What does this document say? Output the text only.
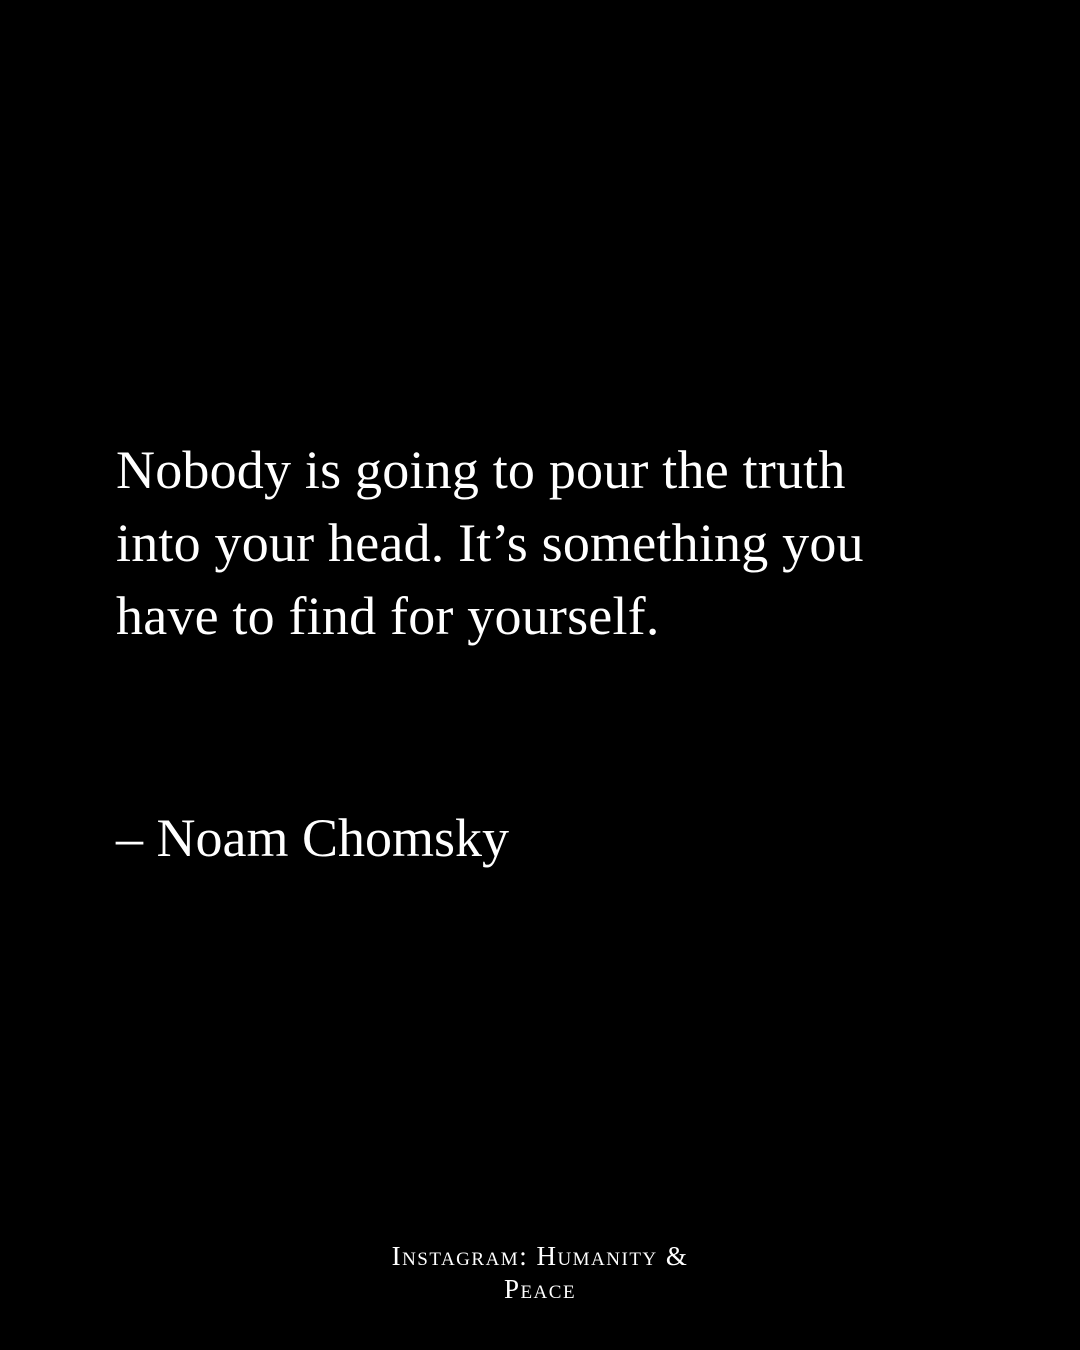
Nobody is going to pour the truth
into your head. It’s something you
have to find for yourself.

– Noam Chomsky

Instagram: Humanity &
Peace
